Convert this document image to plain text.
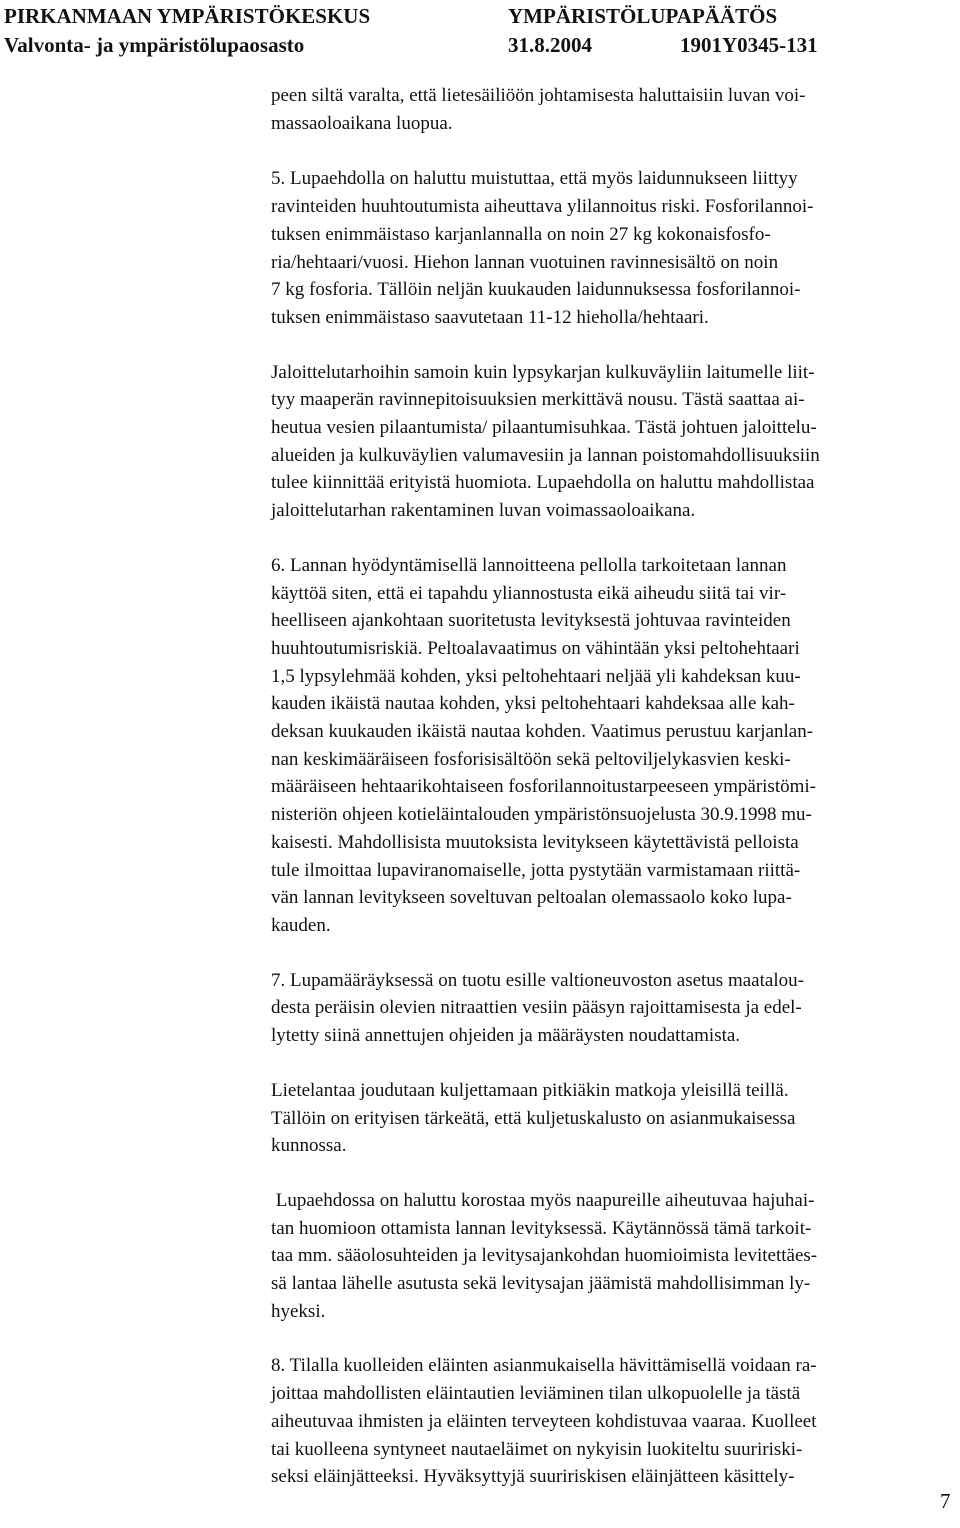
PIRKANMAAN YMPÄRISTÖKESKUS
Valvonta- ja ympäristölupaosasto
YMPÄRISTÖLUPAPÄÄTÖS
31.8.2004	1901Y0345-131

peen siltä varalta, että lietesäiliöön johtamisesta haluttaisiin luvan voi-
massaoloaikana luopua.

5. Lupaehdolla on haluttu muistuttaa, että myös laidunnukseen liittyy
ravinteiden huuhtoutumista aiheuttava ylilannoitus riski. Fosforilannoi-
tuksen enimmäistaso karjanlannalla on noin 27 kg kokonaisfosfo-
ria/hehtaari/vuosi. Hiehon lannan vuotuinen ravinnesisältö on noin
7 kg fosforia. Tällöin neljän kuukauden laidunnuksessa fosforilannoi-
tuksen enimmäistaso saavutetaan 11-12 hieholla/hehtaari.

Jaloittelutarhoihin samoin kuin lypsykarjan kulkuväyliin laitumelle liit-
tyy maaperän ravinnepitoisuuksien merkittävä nousu. Tästä saattaa ai-
heutua vesien pilaantumista/ pilaantumisuhkaa. Tästä johtuen jaloittelu-
alueiden ja kulkuväylien valumavesiin ja lannan poistomahdollisuuksiin
tulee kiinnittää erityistä huomiota. Lupaehdolla on haluttu mahdollistaa
jaloittelutarhan rakentaminen luvan voimassaoloaikana.

6. Lannan hyödyntämisellä lannoitteena pellolla tarkoitetaan lannan
käyttöä siten, että ei tapahdu yliannostusta eikä aiheudu siitä tai vir-
heelliseen ajankohtaan suoritetusta levityksestä johtuvaa ravinteiden
huuhtoutumisriskiä. Peltoalavaatimus on vähintään yksi peltohehtaari
1,5 lypsylehmää kohden, yksi peltohehtaari neljää yli kahdeksan kuu-
kauden ikäistä nautaa kohden, yksi peltohehtaari kahdeksaa alle kah-
deksan kuukauden ikäistä nautaa kohden. Vaatimus perustuu karjanlan-
nan keskimääräiseen fosforisisältöön sekä peltoviljelykasvien keski-
määräiseen hehtaarikohtaiseen fosforilannoitustarpeeseen ympäristömi-
nisteriön ohjeen kotieläintalouden ympäristönsuojelusta 30.9.1998 mu-
kaisesti. Mahdollisista muutoksista levitykseen käytettävistä pelloista
tule ilmoittaa lupaviranomaiselle, jotta pystytään varmistamaan riittä-
vän lannan levitykseen soveltuvan peltoalan olemassaolo koko lupa-
kauden.

7. Lupamääräyksessä on tuotu esille valtioneuvoston asetus maatalou-
desta peräisin olevien nitraattien vesiin pääsyn rajoittamisesta ja edel-
lytetty siinä annettujen ohjeiden ja määräysten noudattamista.

Lietelantaa joudutaan kuljettamaan pitkiäkin matkoja yleisillä teillä.
Tällöin on erityisen tärkeätä, että kuljetuskalusto on asianmukaisessa
kunnossa.

Lupaehdossa on haluttu korostaa myös naapureille aiheutuvaa hajuhai-
tan huomioon ottamista lannan levityksessä. Käytännössä tämä tarkoit-
taa mm. sääolosuhteiden ja levitysajankohdan huomioimista levitettäes-
sä lantaa lähelle asutusta sekä levitysajan jäämistä mahdollisimman ly-
hyeksi.

8. Tilalla kuolleiden eläinten asianmukaisella hävittämisellä voidaan ra-
joittaa mahdollisten eläintautien leviäminen tilan ulkopuolelle ja tästä
aiheutuvaa ihmisten ja eläinten terveyteen kohdistuvaa vaaraa. Kuolleet
tai kuolleena syntyneet nautaeläimet on nykyisin luokiteltu suuririski-
seksi eläinjätteeksi. Hyväksyttyjä suuririskisen eläinjätteen käsittely-

7
